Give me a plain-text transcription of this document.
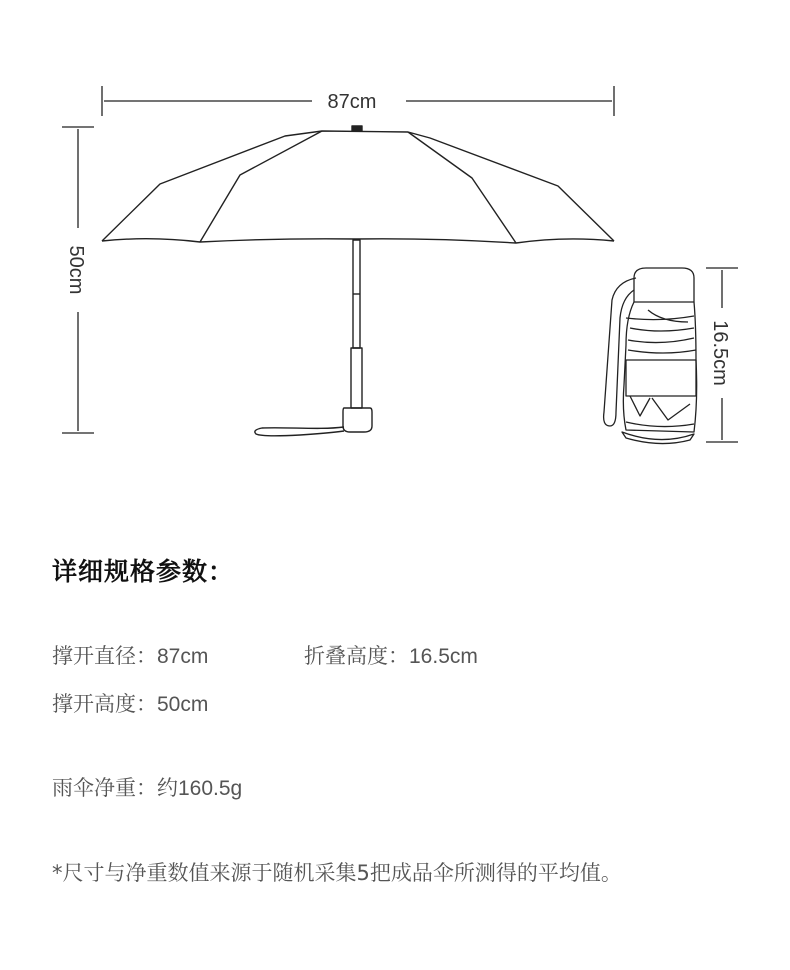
87cm
50cm
16.5cm
详细规格参数：
撑开直径：87cm	折叠高度：16.5cm
撑开高度：50cm
雨伞净重：约160.5g
*尺寸与净重数值来源于随机采集5把成品伞所测得的平均值。
